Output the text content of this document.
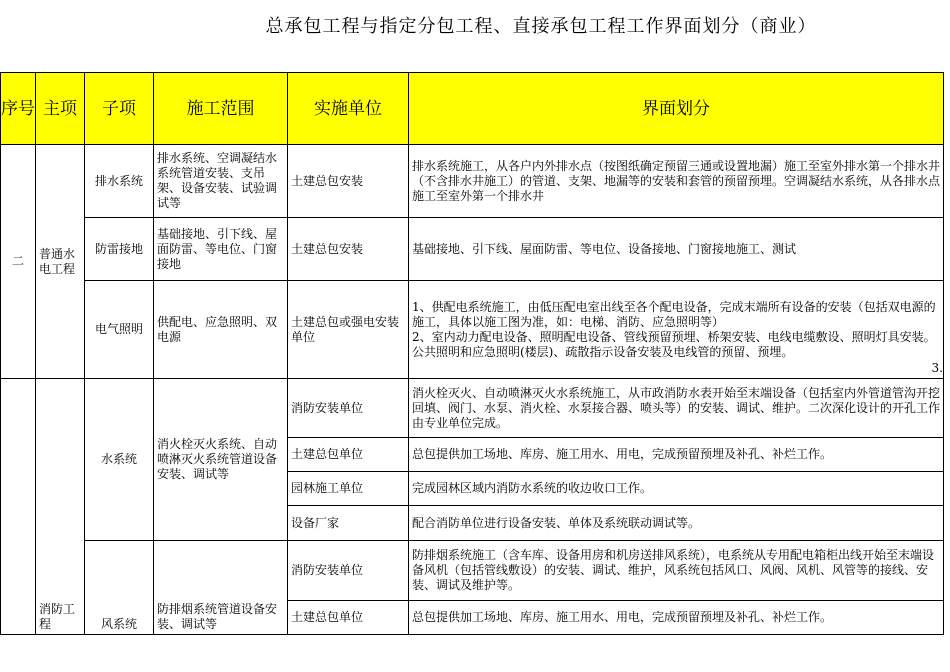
总承包工程与指定分包工程、直接承包工程工作界面划分（商业）
序号	主项	子项	施工范围	实施单位	界面划分
二	普通水电工程	排水系统	排水系统、空调凝结水系统管道安装、支吊架、设备安装、试验调试等	土建总包安装	排水系统施工，从各户内外排水点（按图纸确定预留三通或设置地漏）施工至室外排水第一个排水井（不含排水井施工）的管道、支架、地漏等的安装和套管的预留预埋。空调凝结水系统，从各排水点施工至室外第一个排水井
		防雷接地	基础接地、引下线、屋面防雷、等电位、门窗接地	土建总包安装	基础接地、引下线、屋面防雷、等电位、设备接地、门窗接地施工、测试
		电气照明	供配电、应急照明、双电源	土建总包或强电安装单位	1、供配电系统施工，由低压配电室出线至各个配电设备，完成末端所有设备的安装（包括双电源的施工，具体以施工图为准，如：电梯、消防、应急照明等）
2、室内动力配电设备、照明配电设备、管线预留预埋、桥架安装、电线电缆敷设、照明灯具安装。
公共照明和应急照明(楼层)、疏散指示设备安装及电线管的预留、预埋。
3.

	消防工程	水系统	消火栓灭火系统、自动喷淋灭火系统管道设备安装、调试等	消防安装单位	消火栓灭火、自动喷淋灭火水系统施工，从市政消防水表开始至末端设备（包括室内外管道管沟开挖回填、阀门、水泵、消火栓、水泵接合器、喷头等）的安装、调试、维护。二次深化设计的开孔工作由专业单位完成。
				土建总包单位	总包提供加工场地、库房、施工用水、用电，完成预留预埋及补孔、补烂工作。
				园林施工单位	完成园林区域内消防水系统的收边收口工作。
				设备厂家	配合消防单位进行设备安装、单体及系统联动调试等。
		风系统	防排烟系统管道设备安装、调试等	消防安装单位	防排烟系统施工（含车库、设备用房和机房送排风系统），电系统从专用配电箱柜出线开始至末端设备风机（包括管线敷设）的安装、调试、维护，风系统包括风口、风阀、风机、风管等的接线、安装、调试及维护等。
				土建总包单位	总包提供加工场地、库房、施工用水、用电，完成预留预埋及补孔、补烂工作。
